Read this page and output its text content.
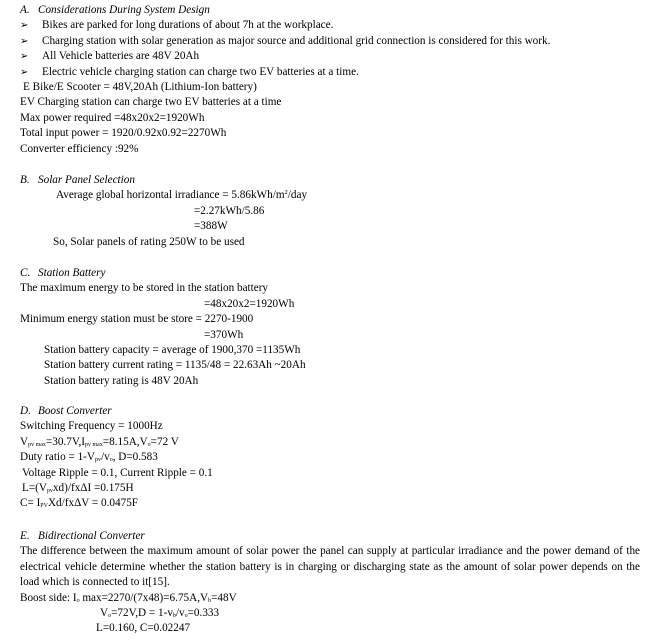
A. Considerations During System Design

➢ Bikes are parked for long durations of about 7h at the workplace.

➢ Charging station with solar generation as major source and additional grid connection is considered for this work.

➢ All Vehicle batteries are 48V 20Ah

➢ Electric vehicle charging station can charge two EV batteries at a time.

E Bike/E Scooter = 48V,20Ah (Lithium-Ion battery)

EV Charging station can charge two EV batteries at a time

Max power required =48x20x2=1920Wh

Total input power = 1920/0.92x0.92=2270Wh

Converter efficiency :92%

B. Solar Panel Selection

Average global horizontal irradiance = $5.86kWh/m^2$/day

=2.27kWh/5.86

=388W

So, Solar panels of rating 250W to be used

C. Station Battery

The maximum energy to be stored in the station battery

=48x20x2=1920Wh

Minimum energy station must be store = 2270-1900

=370Wh

Station battery capacity = average of 1900,370 =1135Wh

Station battery current rating = 1135/48 = 22.63Ah ~20Ah

Station battery rating is 48V 20Ah

D. Boost Converter

Switching Frequency = 1000Hz

$V_{pv max}=30.7V,I_{pv max}=8.15A,V_o=72$ V

Duty ratio = $1-V_{pv}/v_o$, D=0.583

Voltage Ripple = 0.1, Current Ripple = 0.1

$L=(V_{pv}xd)$/fxΔI =0.175H

$C= I_{PV}Xd$/fxΔV = 0.0475F

E. Bidirectional Converter

The difference between the maximum amount of solar power the panel can supply at particular irradiance and the power demand of the electrical vehicle determine whether the station battery is in charging or discharging state as the amount of solar power depends on the load which is connected to it[15].

Boost side: $I_o$ $\max=2270/(7x48)=6.75A,V_b=48V$

$V_o=72V,D = 1-v_b/v_o=0.333$

L=0.160, C=0.02247
